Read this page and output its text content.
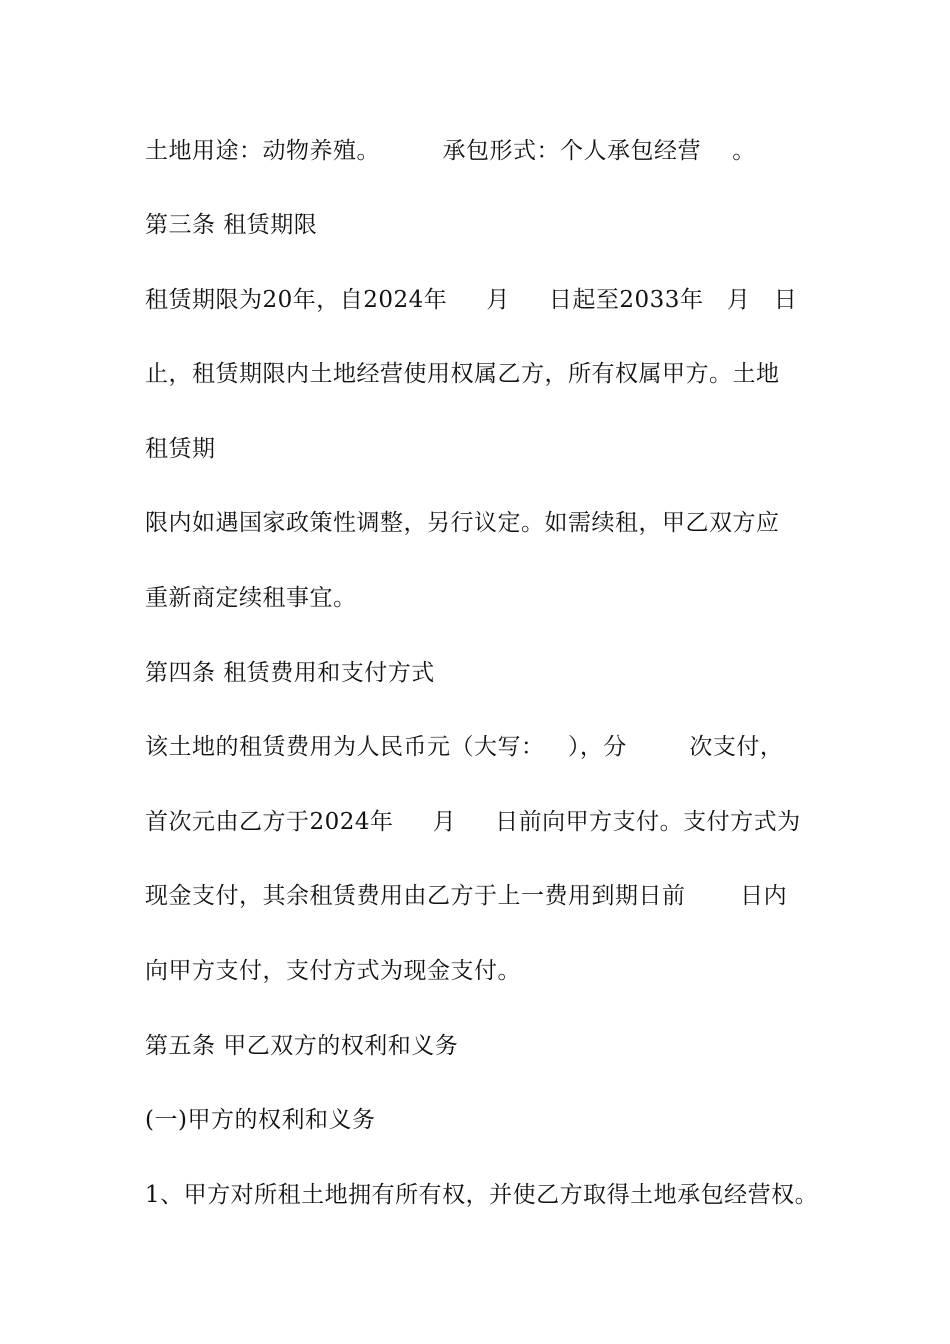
土地用途：动物养殖。        承包形式：个人承包经营    。
第三条 租赁期限
租赁期限为20年，自2024年     月     日起至2033年   月   日
止，租赁期限内土地经营使用权属乙方，所有权属甲方。土地
租赁期
限内如遇国家政策性调整，另行议定。如需续租，甲乙双方应
重新商定续租事宜。
第四条 租赁费用和支付方式
该土地的租赁费用为人民币元（大写：   ），分        次支付，
首次元由乙方于2024年     月     日前向甲方支付。支付方式为
现金支付，其余租赁费用由乙方于上一费用到期日前       日内
向甲方支付，支付方式为现金支付。
第五条 甲乙双方的权利和义务
(一)甲方的权利和义务
1、甲方对所租土地拥有所有权，并使乙方取得土地承包经营权。
